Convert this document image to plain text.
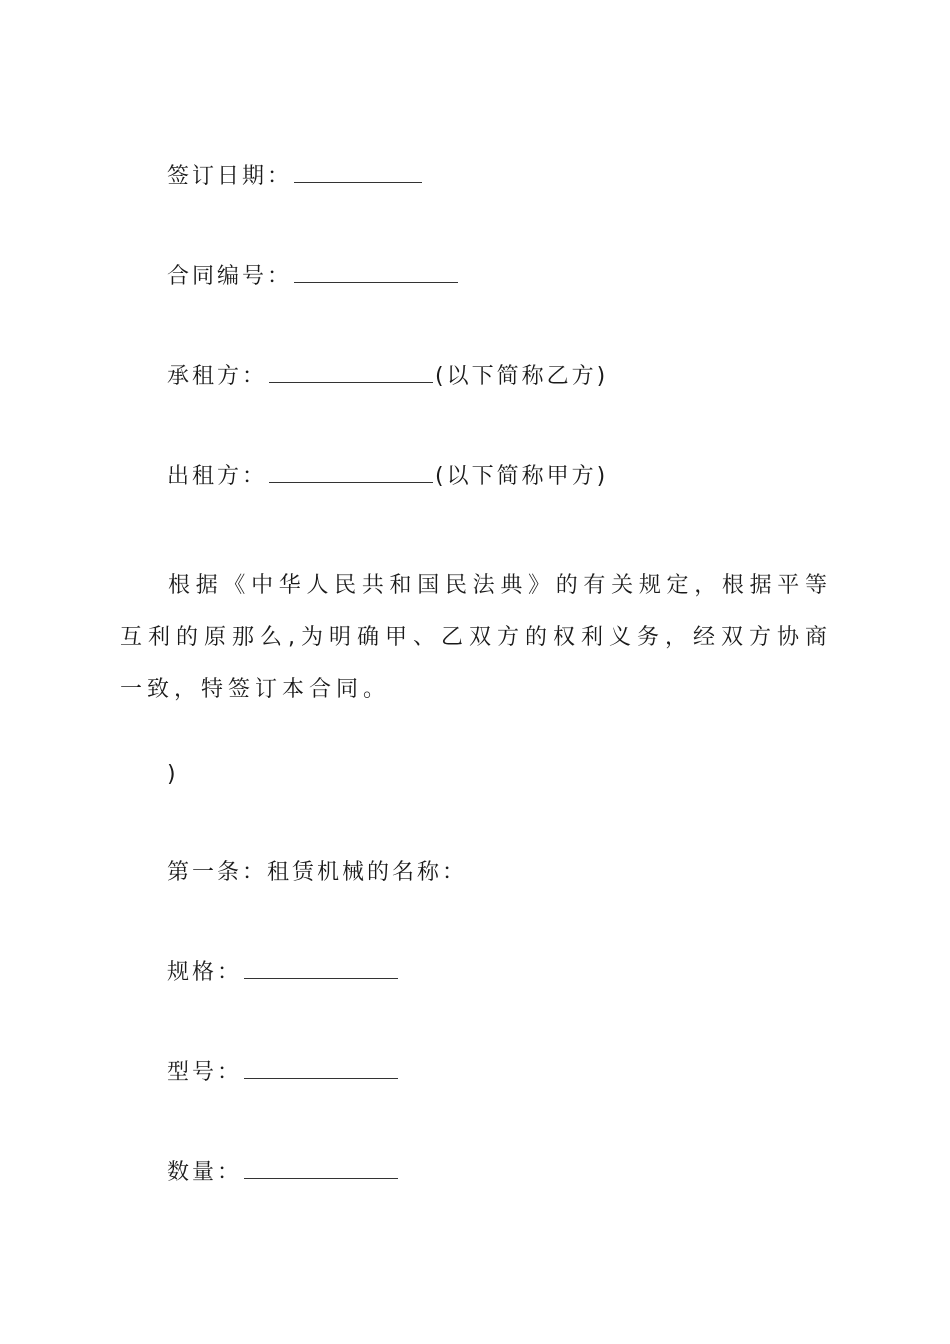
签订日期：
合同编号：
承租方：	(以下简称乙方)
出租方：	(以下简称甲方)
根据《中华人民共和国民法典》的有关规定，根据平等互利的原那么,为明确甲、乙双方的权利义务，经双方协商一致，特签订本合同。
)
第一条：租赁机械的名称：
规格：
型号：
数量：
